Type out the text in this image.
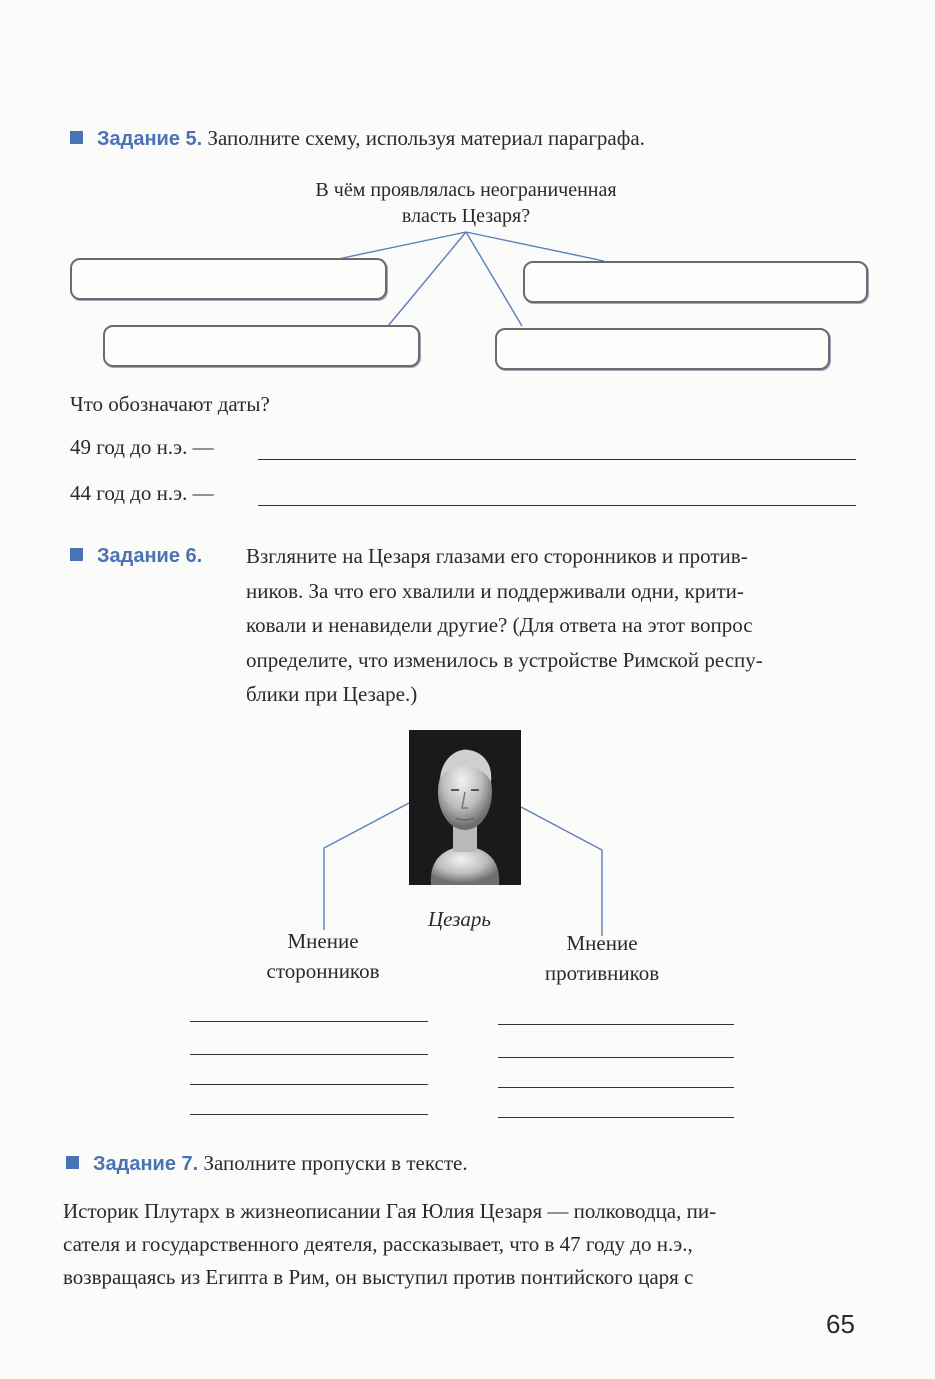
Задание 5. Заполните схему, используя материал параграфа.
В чём проявлялась неограниченная
власть Цезаря?
Что обозначают даты?
49 год до н.э. —
44 год до н.э. —
Задание 6. Взгляните на Цезаря глазами его сторонников и против-
ников. За что его хвалили и поддерживали одни, крити-
ковали и ненавидели другие? (Для ответа на этот вопрос
определите, что изменилось в устройстве Римской респу-
блики при Цезаре.)
Цезарь
Мнение
сторонников
Мнение
противников
Задание 7. Заполните пропуски в тексте.
Историк Плутарх в жизнеописании Гая Юлия Цезаря — полководца, пи-
сателя и государственного деятеля, рассказывает, что в 47 году до н.э.,
возвращаясь из Египта в Рим, он выступил против понтийского царя с
65
